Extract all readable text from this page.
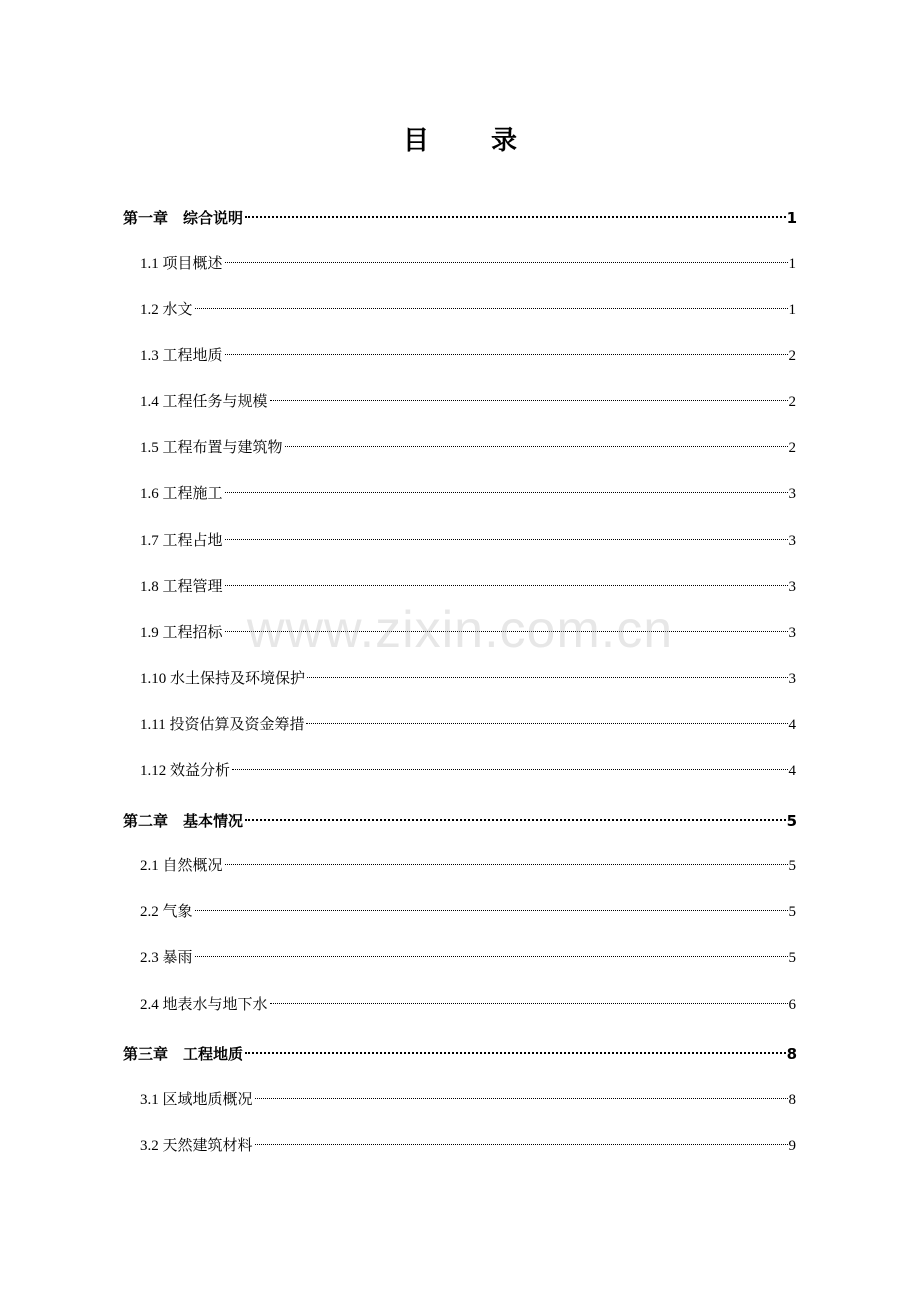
目 录
第一章　综合说明	1
1.1 项目概述	1
1.2 水文	1
1.3 工程地质	2
1.4 工程任务与规模	2
1.5 工程布置与建筑物	2
1.6 工程施工	3
1.7 工程占地	3
1.8 工程管理	3
1.9 工程招标	3
1.10 水土保持及环境保护	3
1.11 投资估算及资金筹措	4
1.12 效益分析	4
第二章　基本情况	5
2.1 自然概况	5
2.2 气象	5
2.3 暴雨	5
2.4 地表水与地下水	6
第三章　工程地质	8
3.1 区域地质概况	8
3.2 天然建筑材料	9
www.zixin.com.cn
